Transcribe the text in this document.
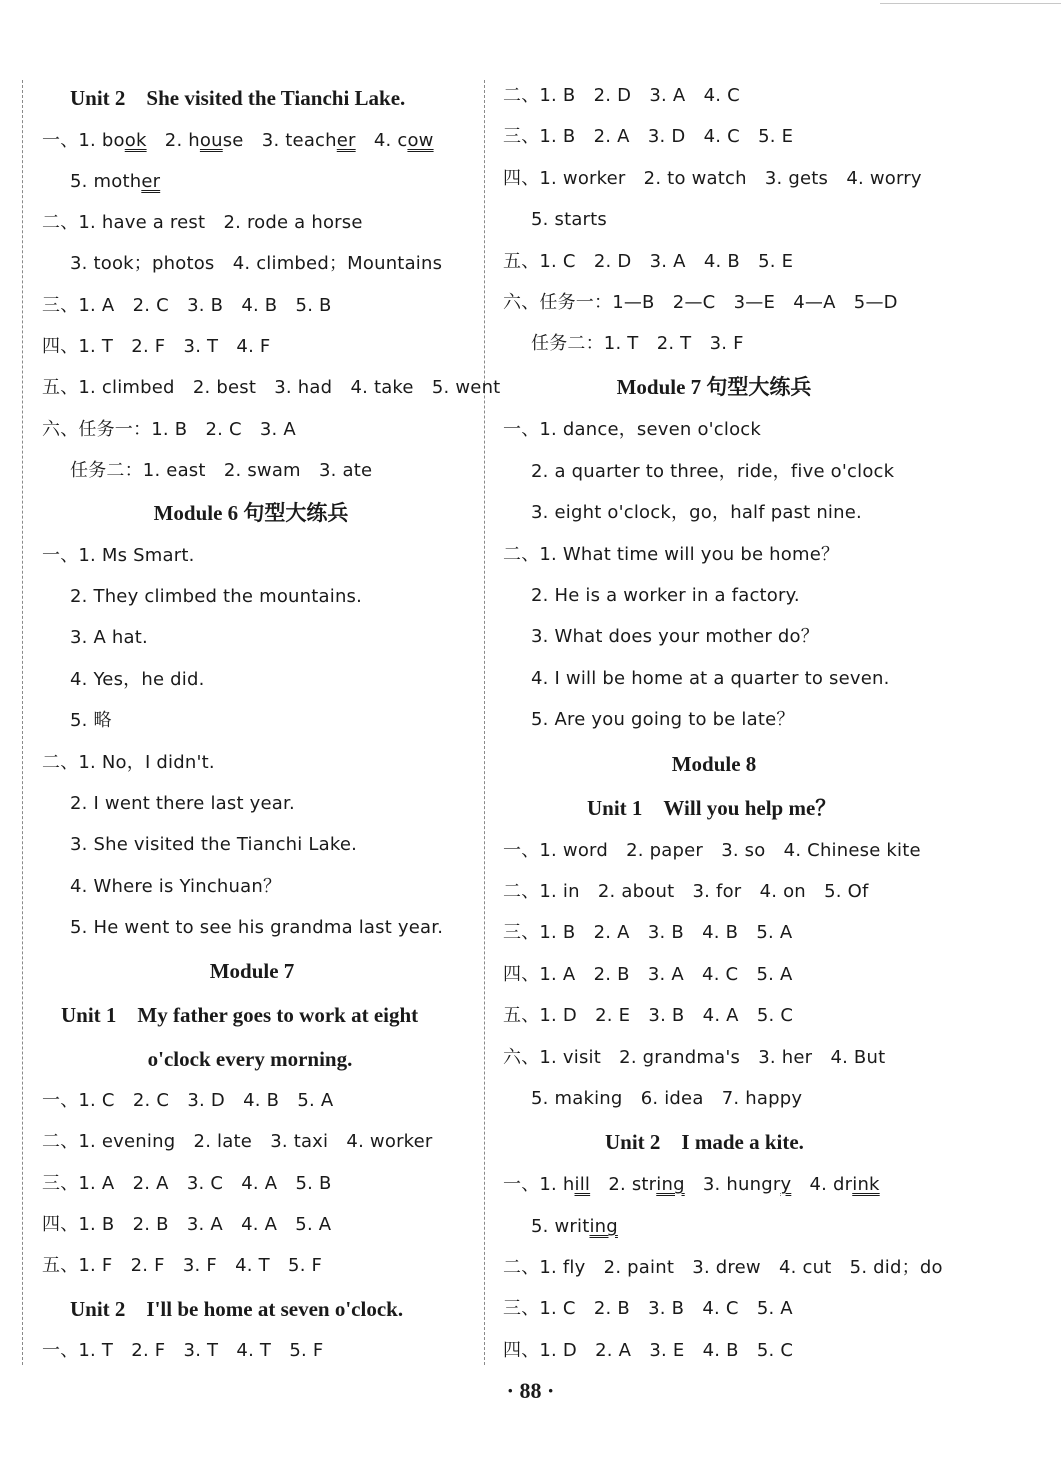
Unit 2　She visited the Tianchi Lake.
一、1. book　 2. house　 3. teacher　 4. cow
5. mother
二、1. have a rest　2. rode a horse
3. took；photos　4. climbed；Mountains
三、1. A　2. C　3. B　4. B　5. B
四、1. T　2. F　3. T　4. F
五、1. climbed　2. best　3. had　4. take　5. went
六、任务一：1. B　2. C　3. A
任务二：1. east　2. swam　3. ate
Module 6 句型大练兵
一、1. Ms Smart.
2. They climbed the mountains.
3. A hat.
4. Yes，he did.
5. 略
二、1. No，I didn't.
2. I went there last year.
3. She visited the Tianchi Lake.
4. Where is Yinchuan？
5. He went to see his grandma last year.
Module 7
Unit 1　My father goes to work at eight
o'clock every morning.
一、1. C　2. C　3. D　4. B　5. A
二、1. evening　2. late　3. taxi　4. worker
三、1. A　2. A　3. C　4. A　5. B
四、1. B　2. B　3. A　4. A　5. A
五、1. F　2. F　3. F　4. T　5. F
Unit 2　I'll be home at seven o'clock.
一、1. T　2. F　3. T　4. T　5. F
二、1. B　2. D　3. A　4. C
三、1. B　2. A　3. D　4. C　5. E
四、1. worker　2. to watch　3. gets　4. worry
5. starts
五、1. C　2. D　3. A　4. B　5. E
六、任务一：1—B　2—C　3—E　4—A　5—D
任务二：1. T　2. T　3. F
Module 7 句型大练兵
一、1. dance，seven o'clock
2. a quarter to three，ride，five o'clock
3. eight o'clock，go，half past nine.
二、1. What time will you be home？
2. He is a worker in a factory.
3. What does your mother do？
4. I will be home at a quarter to seven.
5. Are you going to be late？
Module 8
Unit 1　Will you help me？
一、1. word　2. paper　3. so　4. Chinese kite
二、1. in　2. about　3. for　4. on　5. Of
三、1. B　2. A　3. B　4. B　5. A
四、1. A　2. B　3. A　4. C　5. A
五、1. D　2. E　3. B　4. A　5. C
六、1. visit　2. grandma's　3. her　4. But
5. making　6. idea　7. happy
Unit 2　I made a kite.
一、1. hill　 2. string　 3. hungry　 4. drink
5. writing
二、1. fly　2. paint　3. drew　4. cut　5. did；do
三、1. C　2. B　3. B　4. C　5. A
四、1. D　2. A　3. E　4. B　5. C
· 88 ·
